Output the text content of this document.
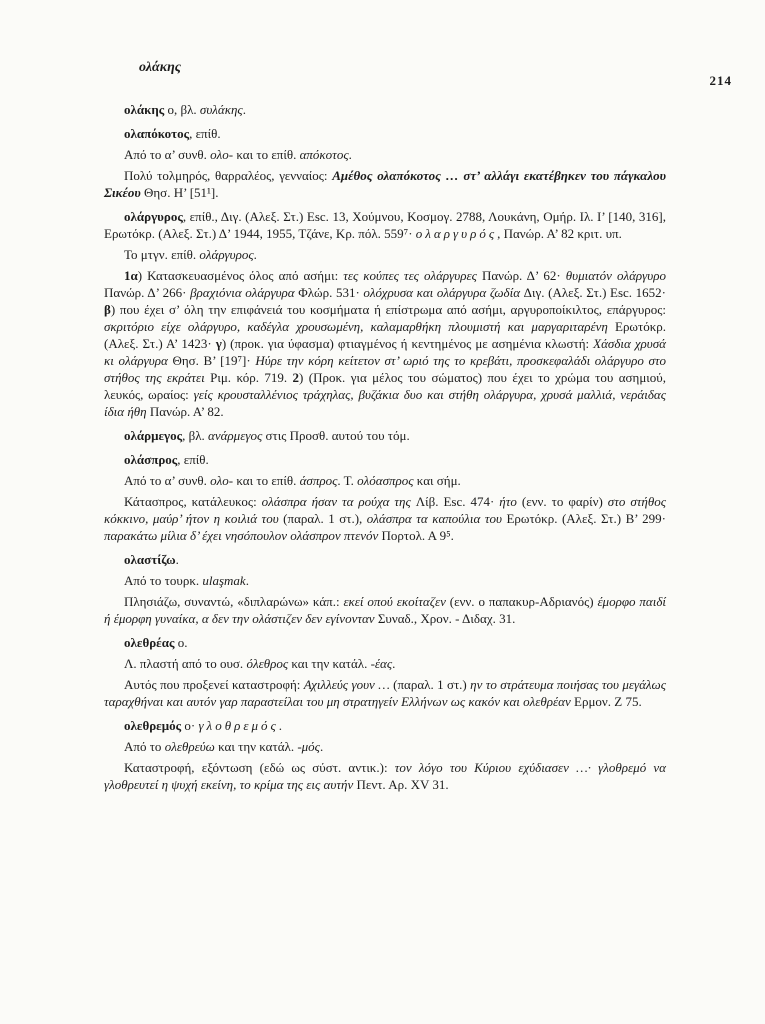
ολάκης
214
ολάκης ο, βλ. συλάκης.
ολαπόκοτος, επίθ.
Από το α’ συνθ. ολο- και το επίθ. απόκοτος.
Πολύ τολμηρός, θαρραλέος, γενναίος: Αμέθος ολαπόκοτος … στ’ αλλάγι εκατέβηκεν του πάγκαλου Σικέου Θησ. Η’ [51¹].
ολάργυρος, επίθ., Διγ. (Αλεξ. Στ.) Esc. 13, Χούμνου, Κοσμογ. 2788, Λουκάνη, Ομήρ. Ιλ. Ι’ [140, 316], Ερωτόκρ. (Αλεξ. Στ.) Δ’ 1944, 1955, Τζάνε, Κρ. πόλ. 559⁷· ολαργυρός, Πανώρ. Α’ 82 κριτ. υπ.
Το μτγν. επίθ. ολάργυρος.
1α) Κατασκευασμένος όλος από ασήμι: τες κούπες τες ολάργυρες Πανώρ. Δ’ 62· θυμιατόν ολάργυρο Πανώρ. Δ’ 266· βραχιόνια ολάργυρα Φλώρ. 531· ολόχρυσα και ολάργυρα ζωδία Διγ. (Αλεξ. Στ.) Esc. 1652· β) που έχει σ’ όλη την επιφάνειά του κοσμήματα ή επίστρωμα από ασήμι, αργυροποίκιλτος, επάργυρος: σκριτόριο είχε ολάργυρο, καδέγλα χρουσωμένη, καλαμαρθήκη πλουμιστή και μαργαριταρένη Ερωτόκρ. (Αλεξ. Στ.) Α’ 1423· γ) (προκ. για ύφασμα) φτιαγμένος ή κεντημένος με ασημένια κλωστή: Χάσδια χρυσά κι ολάργυρα Θησ. Β’ [19⁷]· Ηύρε την κόρη κείτετον στ’ ωριό της το κρεβάτι, προσκεφαλάδι ολάργυρο στο στήθος της εκράτει Ριμ. κόρ. 719. 2) (Προκ. για μέλος του σώματος) που έχει το χρώμα του ασημιού, λευκός, ωραίος: γείς κρουσταλλένιος τράχηλας, βυζάκια δυο και στήθη ολάργυρα, χρυσά μαλλιά, νεράιδας ίδια ήθη Πανώρ. Α’ 82.
ολάρμεγος, βλ. ανάρμεγος στις Προσθ. αυτού του τόμ.
ολάσπρος, επίθ.
Από το α’ συνθ. ολο- και το επίθ. άσπρος. Τ. ολόασπρος και σήμ.
Κάτασπρος, κατάλευκος: ολάσπρα ήσαν τα ρούχα της Λίβ. Esc. 474· ήτο (ενν. το φαρίν) στο στήθος κόκκινο, μαύρ’ ήτον η κοιλιά του (παραλ. 1 στ.), ολάσπρα τα καπούλια του Ερωτόκρ. (Αλεξ. Στ.) Β’ 299· παρακάτω μίλια δ’ έχει νησόπουλον ολάσπρον πτενόν Πορτολ. Α 9⁵.
ολαστίζω.
Από το τουρκ. ulaşmak.
Πλησιάζω, συναντώ, «διπλαρώνω» κάπ.: εκεί οπού εκοίταζεν (ενν. ο παπακυρ-Αδριανός) έμορφο παιδί ή έμορφη γυναίκα, α δεν την ολάστιζεν δεν εγίνονταν Συναδ., Χρον. - Διδαχ. 31.
ολεθρέας ο.
Λ. πλαστή από το ουσ. όλεθρος και την κατάλ. -έας.
Αυτός που προξενεί καταστροφή: Αχιλλεύς γουν … (παραλ. 1 στ.) ην το στράτευμα ποιήσας του μεγάλως ταραχθήναι και αυτόν γαρ παραστείλαι του μη στρατηγείν Ελλήνων ως κακόν και ολεθρέαν Ερμον. Ζ 75.
ολεθρεμός ο· γλοθρεμός.
Από το ολεθρεύω και την κατάλ. -μός.
Καταστροφή, εξόντωση (εδώ ως σύστ. αντικ.): τον λόγο του Κύριου εχύδιασεν …· γλοθρεμό να γλοθρευτεί η ψυχή εκείνη, το κρίμα της εις αυτήν Πεντ. Αρ. XV 31.
